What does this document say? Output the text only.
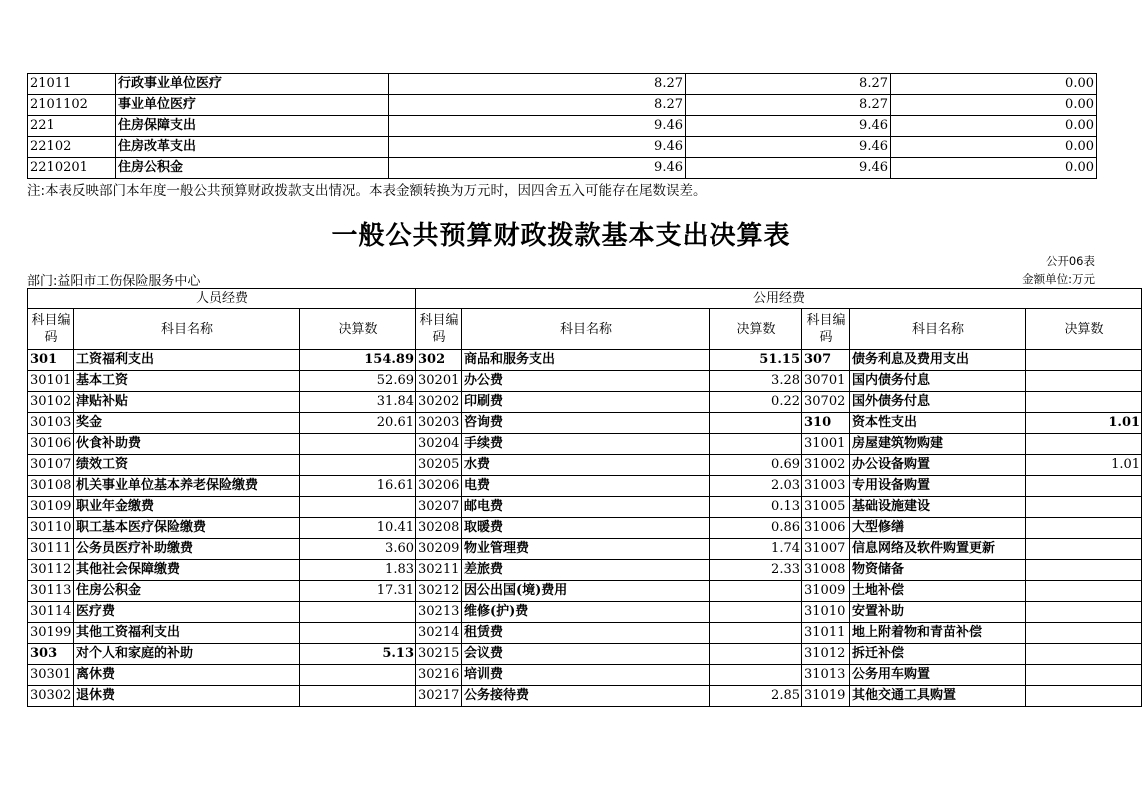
21011	行政事业单位医疗	8.27	8.27	0.00
2101102	事业单位医疗	8.27	8.27	0.00
221	住房保障支出	9.46	9.46	0.00
22102	住房改革支出	9.46	9.46	0.00
2210201	住房公积金	9.46	9.46	0.00
注:本表反映部门本年度一般公共预算财政拨款支出情况。本表金额转换为万元时，因四舍五入可能存在尾数误差。
一般公共预算财政拨款基本支出决算表
公开06表
部门:益阳市工伤保险服务中心	金额单位:万元
人员经费			公用经费					
科目编码	科目名称	决算数	科目编码	科目名称	决算数	科目编码	科目名称	决算数
301	工资福利支出	154.89	302	商品和服务支出	51.15	307	债务利息及费用支出	
30101	基本工资	52.69	30201	办公费	3.28	30701	国内债务付息	
30102	津贴补贴	31.84	30202	印刷费	0.22	30702	国外债务付息	
30103	奖金	20.61	30203	咨询费		310	资本性支出	1.01
30106	伙食补助费		30204	手续费		31001	房屋建筑物购建	
30107	绩效工资		30205	水费	0.69	31002	办公设备购置	1.01
30108	机关事业单位基本养老保险缴费	16.61	30206	电费	2.03	31003	专用设备购置	
30109	职业年金缴费		30207	邮电费	0.13	31005	基础设施建设	
30110	职工基本医疗保险缴费	10.41	30208	取暖费	0.86	31006	大型修缮	
30111	公务员医疗补助缴费	3.60	30209	物业管理费	1.74	31007	信息网络及软件购置更新	
30112	其他社会保障缴费	1.83	30211	差旅费	2.33	31008	物资储备	
30113	住房公积金	17.31	30212	因公出国(境)费用		31009	土地补偿	
30114	医疗费		30213	维修(护)费		31010	安置补助	
30199	其他工资福利支出		30214	租赁费		31011	地上附着物和青苗补偿	
303	对个人和家庭的补助	5.13	30215	会议费		31012	拆迁补偿	
30301	离休费		30216	培训费		31013	公务用车购置	
30302	退休费		30217	公务接待费	2.85	31019	其他交通工具购置	
